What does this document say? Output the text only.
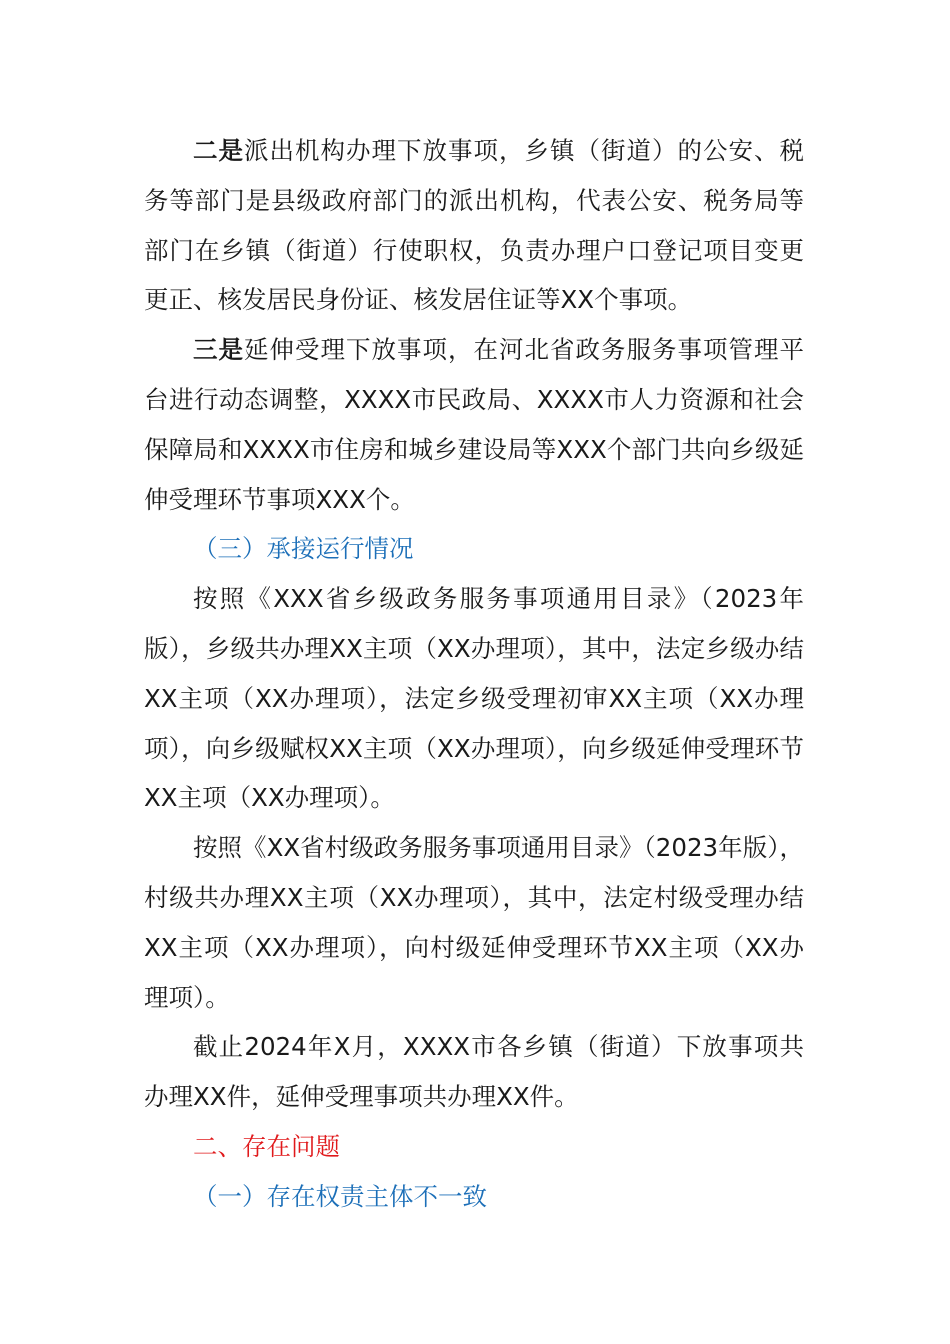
二是派出机构办理下放事项，乡镇（街道）的公安、税务等部门是县级政府部门的派出机构，代表公安、税务局等部门在乡镇（街道）行使职权，负责办理户口登记项目变更更正、核发居民身份证、核发居住证等XX个事项。

三是延伸受理下放事项，在河北省政务服务事项管理平台进行动态调整，XXXX市民政局、XXXX市人力资源和社会保障局和XXXX市住房和城乡建设局等XXX个部门共向乡级延伸受理环节事项XXX个。

（三）承接运行情况

按照《XXX省乡级政务服务事项通用目录》（2023年版），乡级共办理XX主项（XX办理项），其中，法定乡级办结XX主项（XX办理项），法定乡级受理初审XX主项（XX办理项），向乡级赋权XX主项（XX办理项），向乡级延伸受理环节XX主项（XX办理项）。

按照《XX省村级政务服务事项通用目录》（2023年版），村级共办理XX主项（XX办理项），其中，法定村级受理办结XX主项（XX办理项），向村级延伸受理环节XX主项（XX办理项）。

截止2024年X月，XXXX市各乡镇（街道）下放事项共办理XX件，延伸受理事项共办理XX件。

二、存在问题

（一）存在权责主体不一致
